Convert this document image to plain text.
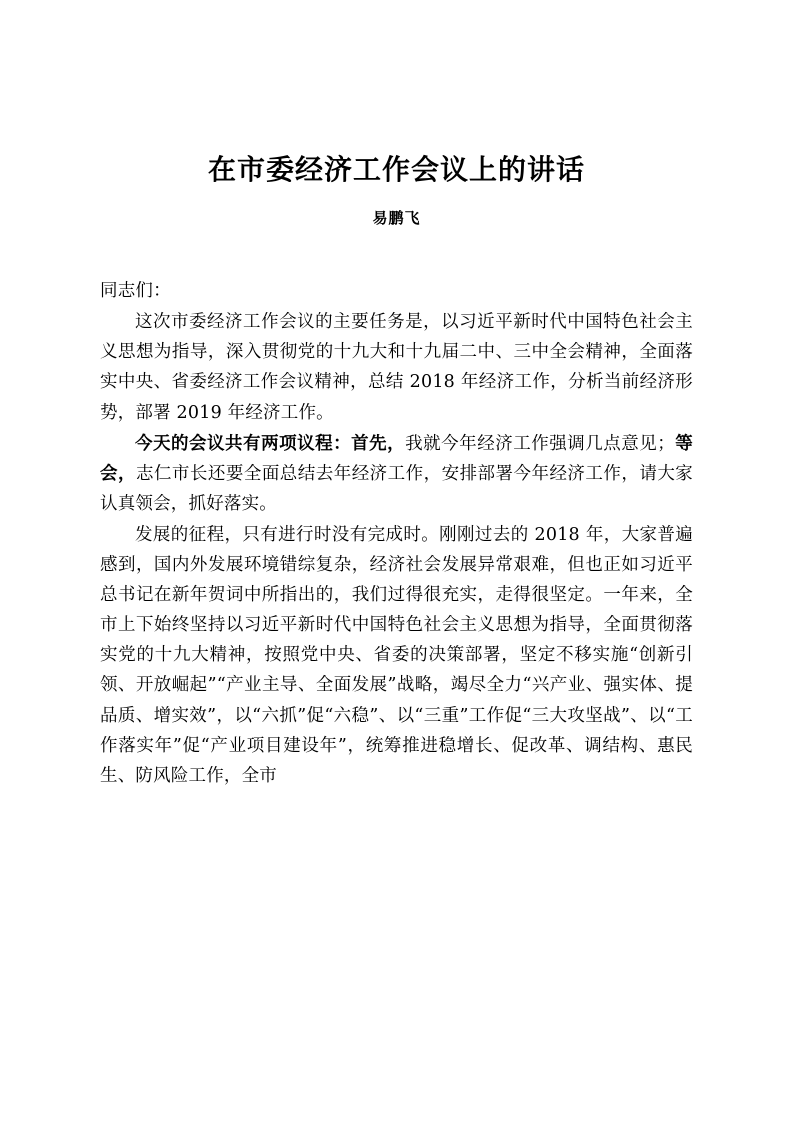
在市委经济工作会议上的讲话
易鹏飞

同志们：

这次市委经济工作会议的主要任务是，以习近平新时代中国特色社会主义思想为指导，深入贯彻党的十九大和十九届二中、三中全会精神，全面落实中央、省委经济工作会议精神，总结 2018 年经济工作，分析当前经济形势，部署 2019 年经济工作。

今天的会议共有两项议程：首先，我就今年经济工作强调几点意见；等会，志仁市长还要全面总结去年经济工作，安排部署今年经济工作，请大家认真领会，抓好落实。

发展的征程，只有进行时没有完成时。刚刚过去的 2018 年，大家普遍感到，国内外发展环境错综复杂，经济社会发展异常艰难，但也正如习近平总书记在新年贺词中所指出的，我们过得很充实，走得很坚定。一年来，全市上下始终坚持以习近平新时代中国特色社会主义思想为指导，全面贯彻落实党的十九大精神，按照党中央、省委的决策部署，坚定不移实施“创新引领、开放崛起”“产业主导、全面发展”战略，竭尽全力“兴产业、强实体、提品质、增实效”，以“六抓”促“六稳”、以“三重”工作促“三大攻坚战”、以“工作落实年”促“产业项目建设年”，统筹推进稳增长、促改革、调结构、惠民生、防风险工作，全市
